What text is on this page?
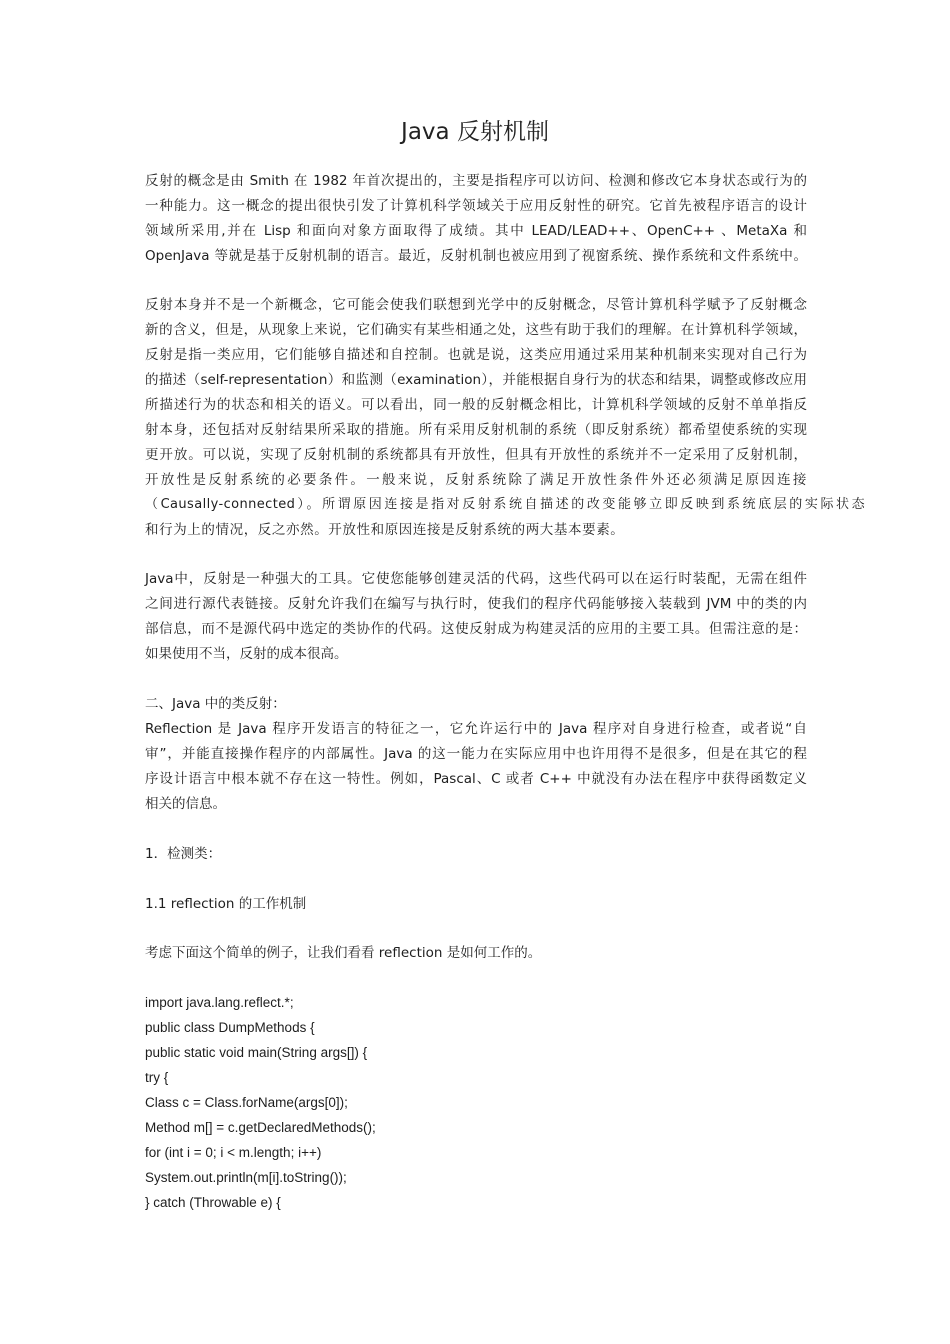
Java 反射机制
反射的概念是由 Smith 在 1982 年首次提出的，主要是指程序可以访问、检测和修改它本身状态或行为的
一种能力。这一概念的提出很快引发了计算机科学领域关于应用反射性的研究。它首先被程序语言的设计
领域所采用,并在 Lisp 和面向对象方面取得了成绩。其中 LEAD/LEAD++、OpenC++ 、MetaXa 和
OpenJava 等就是基于反射机制的语言。最近，反射机制也被应用到了视窗系统、操作系统和文件系统中。
反射本身并不是一个新概念，它可能会使我们联想到光学中的反射概念，尽管计算机科学赋予了反射概念
新的含义，但是，从现象上来说，它们确实有某些相通之处，这些有助于我们的理解。在计算机科学领域，
反射是指一类应用，它们能够自描述和自控制。也就是说，这类应用通过采用某种机制来实现对自己行为
的描述（self-representation）和监测（examination），并能根据自身行为的状态和结果，调整或修改应用
所描述行为的状态和相关的语义。可以看出，同一般的反射概念相比，计算机科学领域的反射不单单指反
射本身，还包括对反射结果所采取的措施。所有采用反射机制的系统（即反射系统）都希望使系统的实现
更开放。可以说，实现了反射机制的系统都具有开放性，但具有开放性的系统并不一定采用了反射机制，
开放性是反射系统的必要条件。一般来说，反射系统除了满足开放性条件外还必须满足原因连接
（Causally-connected）。所谓原因连接是指对反射系统自描述的改变能够立即反映到系统底层的实际状态
和行为上的情况，反之亦然。开放性和原因连接是反射系统的两大基本要素。
Java中，反射是一种强大的工具。它使您能够创建灵活的代码，这些代码可以在运行时装配，无需在组件
之间进行源代表链接。反射允许我们在编写与执行时，使我们的程序代码能够接入装载到 JVM 中的类的内
部信息，而不是源代码中选定的类协作的代码。这使反射成为构建灵活的应用的主要工具。但需注意的是：
如果使用不当，反射的成本很高。
二、Java 中的类反射：
Reflection 是 Java 程序开发语言的特征之一，它允许运行中的 Java 程序对自身进行检查，或者说“自
审”，并能直接操作程序的内部属性。Java 的这一能力在实际应用中也许用得不是很多，但是在其它的程
序设计语言中根本就不存在这一特性。例如，Pascal、C 或者 C++ 中就没有办法在程序中获得函数定义
相关的信息。
1．检测类：
1.1 reflection 的工作机制
考虑下面这个简单的例子，让我们看看 reflection 是如何工作的。
import java.lang.reflect.*;
public class DumpMethods {
public static void main(String args[]) {
try {
Class c = Class.forName(args[0]);
Method m[] = c.getDeclaredMethods();
for (int i = 0; i < m.length; i++)
System.out.println(m[i].toString());
} catch (Throwable e) {
